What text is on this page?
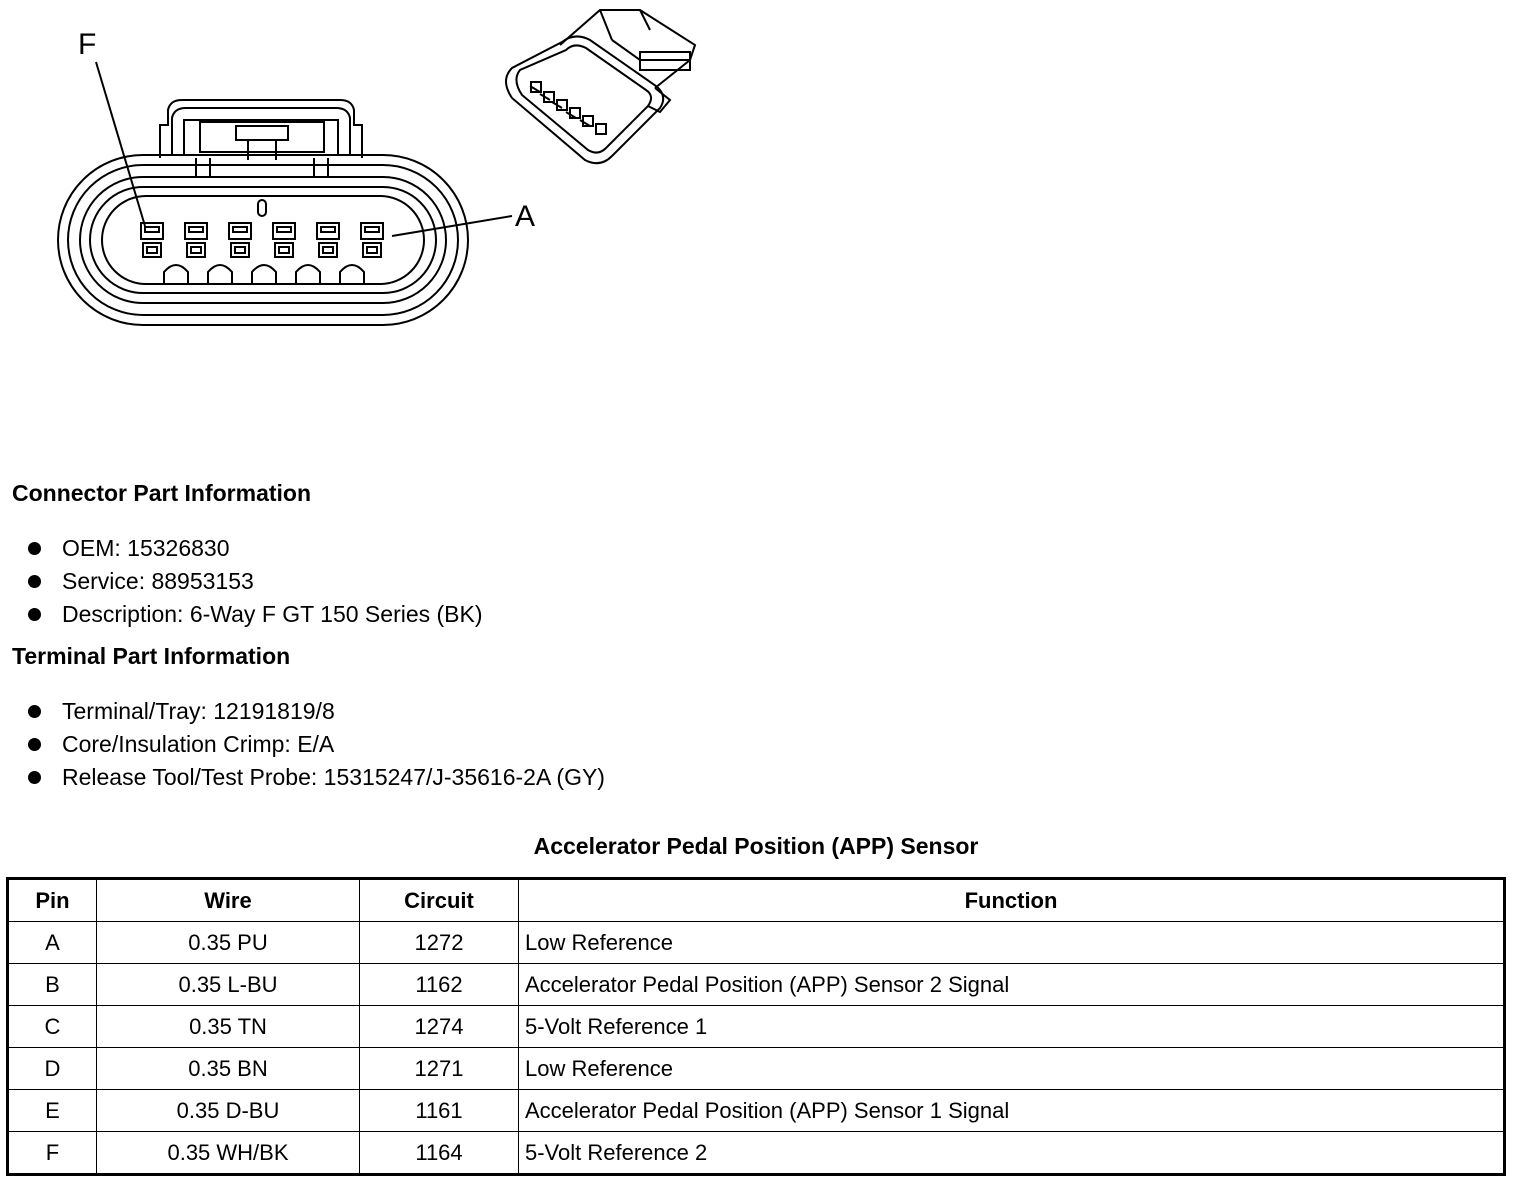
F
A
Connector Part Information
OEM: 15326830
Service: 88953153
Description: 6-Way F GT 150 Series (BK)
Terminal Part Information
Terminal/Tray: 12191819/8
Core/Insulation Crimp: E/A
Release Tool/Test Probe: 15315247/J-35616-2A (GY)
Accelerator Pedal Position (APP) Sensor
Pin	Wire	Circuit	Function
A	0.35 PU	1272	Low Reference
B	0.35 L-BU	1162	Accelerator Pedal Position (APP) Sensor 2 Signal
C	0.35 TN	1274	5-Volt Reference 1
D	0.35 BN	1271	Low Reference
E	0.35 D-BU	1161	Accelerator Pedal Position (APP) Sensor 1 Signal
F	0.35 WH/BK	1164	5-Volt Reference 2
